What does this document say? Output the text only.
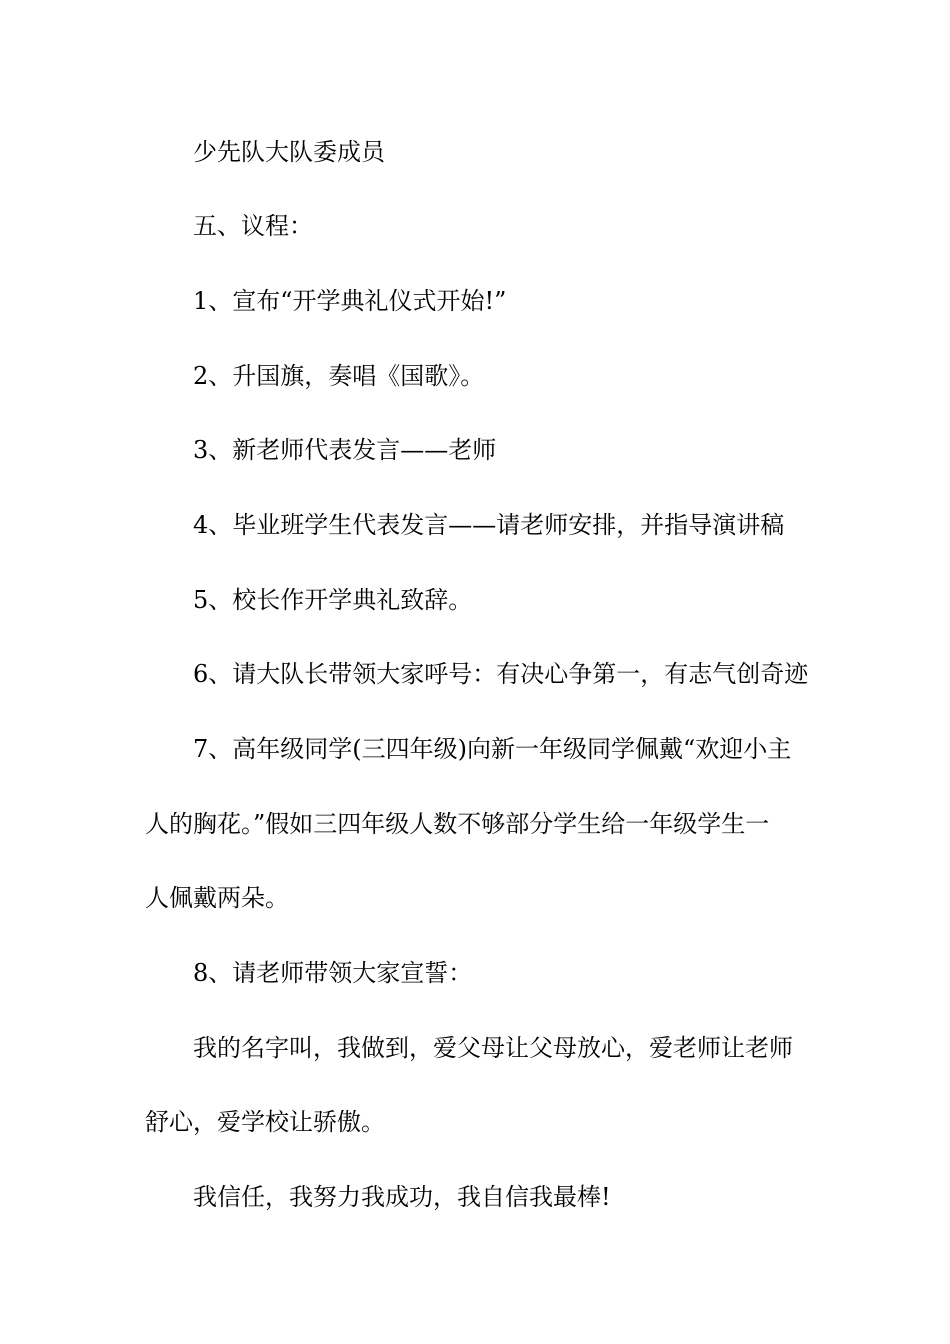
少先队大队委成员

五、议程：

1、宣布“开学典礼仪式开始!”

2、升国旗，奏唱《国歌》。

3、新老师代表发言——老师

4、毕业班学生代表发言——请老师安排，并指导演讲稿

5、校长作开学典礼致辞。

6、请大队长带领大家呼号：有决心争第一，有志气创奇迹

7、高年级同学(三四年级)向新一年级同学佩戴“欢迎小主

人的胸花。”假如三四年级人数不够部分学生给一年级学生一

人佩戴两朵。

8、请老师带领大家宣誓：

我的名字叫，我做到，爱父母让父母放心，爱老师让老师

舒心，爱学校让骄傲。

我信任，我努力我成功，我自信我最棒!
